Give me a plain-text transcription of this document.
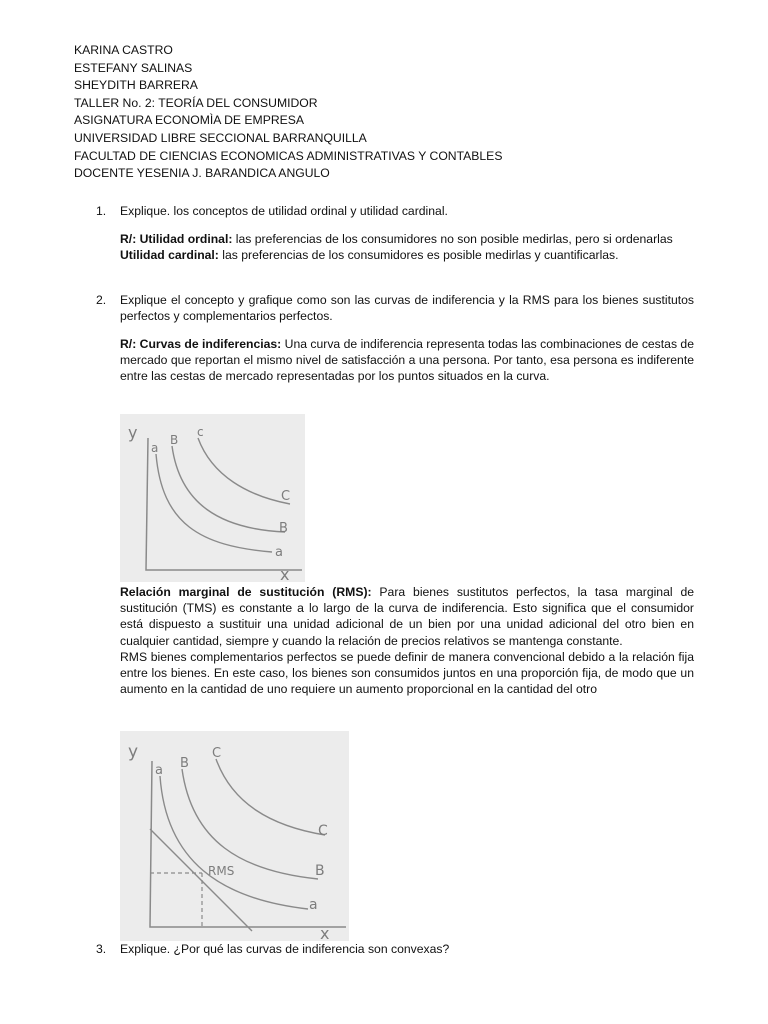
KARINA CASTRO
ESTEFANY SALINAS
SHEYDITH BARRERA
TALLER No. 2: TEORÍA DEL CONSUMIDOR
ASIGNATURA ECONOMÌA DE EMPRESA
UNIVERSIDAD LIBRE SECCIONAL BARRANQUILLA
FACULTAD DE CIENCIAS ECONOMICAS ADMINISTRATIVAS Y CONTABLES
DOCENTE YESENIA J. BARANDICA ANGULO
1. Explique. los conceptos de utilidad ordinal y utilidad cardinal.

R/: Utilidad ordinal: las preferencias de los consumidores no son posible medirlas, pero si ordenarlas

Utilidad cardinal: las preferencias de los consumidores es posible medirlas y cuantificarlas.

2. Explique el concepto y grafique como son las curvas de indiferencia y la RMS para los bienes sustitutos perfectos y complementarios perfectos.

R/: Curvas de indiferencias: Una curva de indiferencia representa todas las combinaciones de cestas de mercado que reportan el mismo nivel de satisfacción a una persona. Por tanto, esa persona es indiferente entre las cestas de mercado representadas por los puntos situados en la curva.

y
x
a
B
c
C
B
a

Relación marginal de sustitución (RMS): Para bienes sustitutos perfectos, la tasa marginal de sustitución (TMS) es constante a lo largo de la curva de indiferencia. Esto significa que el consumidor está dispuesto a sustituir una unidad adicional de un bien por una unidad adicional del otro bien en cualquier cantidad, siempre y cuando la relación de precios relativos se mantenga constante.

RMS bienes complementarios perfectos se puede definir de manera convencional debido a la relación fija entre los bienes. En este caso, los bienes son consumidos juntos en una proporción fija, de modo que un aumento en la cantidad de uno requiere un aumento proporcional en la cantidad del otro

y
x
a B
C
C
B
a
RMS
3. Explique. ¿Por qué las curvas de indiferencia son convexas?
